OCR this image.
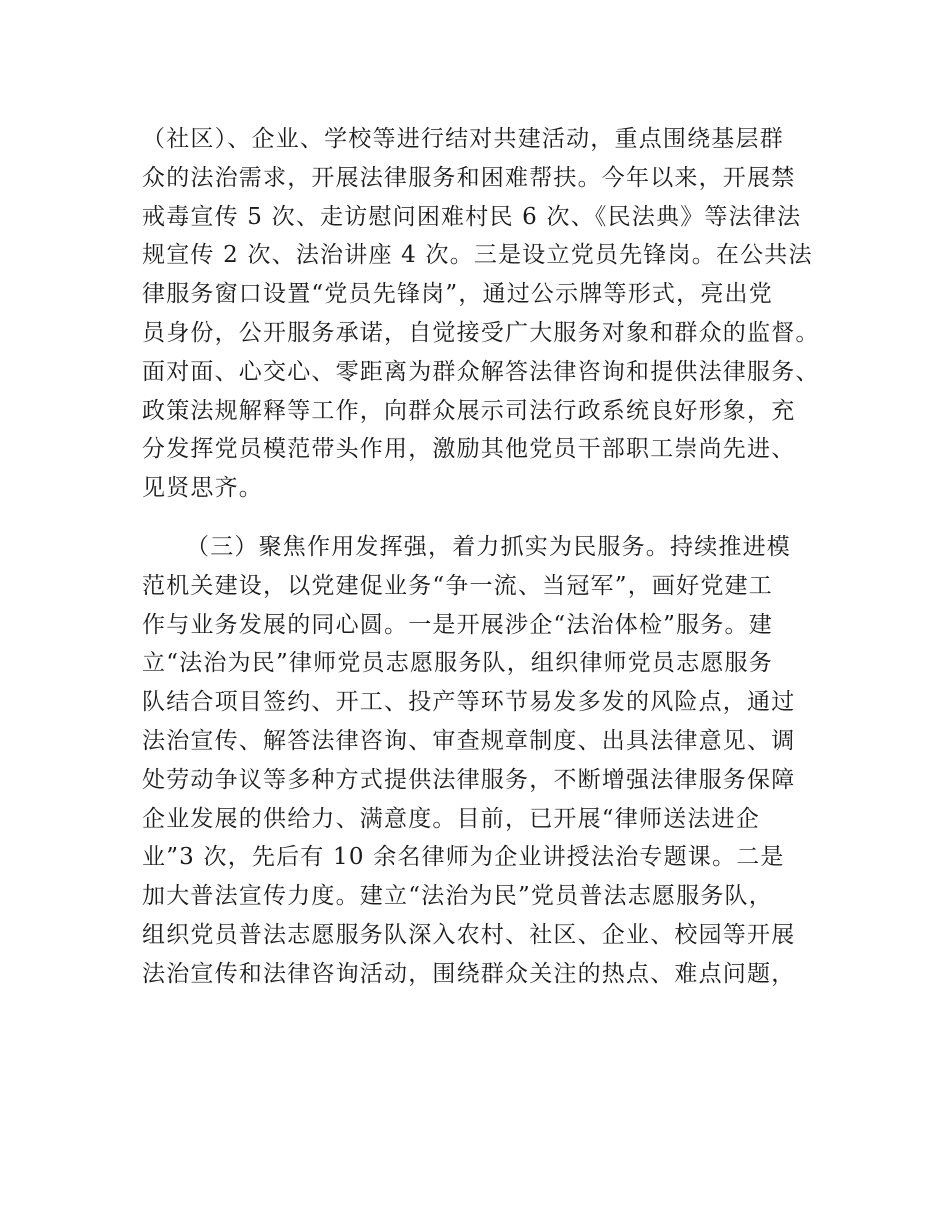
（社区）、企业、学校等进行结对共建活动，重点围绕基层群
众的法治需求，开展法律服务和困难帮扶。今年以来，开展禁
戒毒宣传 5 次、走访慰问困难村民 6 次、《民法典》等法律法
规宣传 2 次、法治讲座 4 次。三是设立党员先锋岗。在公共法
律服务窗口设置“党员先锋岗”，通过公示牌等形式，亮出党
员身份，公开服务承诺，自觉接受广大服务对象和群众的监督。
面对面、心交心、零距离为群众解答法律咨询和提供法律服务、
政策法规解释等工作，向群众展示司法行政系统良好形象，充
分发挥党员模范带头作用，激励其他党员干部职工崇尚先进、
见贤思齐。
（三）聚焦作用发挥强，着力抓实为民服务。持续推进模
范机关建设，以党建促业务“争一流、当冠军”，画好党建工
作与业务发展的同心圆。一是开展涉企“法治体检”服务。建
立“法治为民”律师党员志愿服务队，组织律师党员志愿服务
队结合项目签约、开工、投产等环节易发多发的风险点，通过
法治宣传、解答法律咨询、审查规章制度、出具法律意见、调
处劳动争议等多种方式提供法律服务，不断增强法律服务保障
企业发展的供给力、满意度。目前，已开展“律师送法进企
业”3 次，先后有 10 余名律师为企业讲授法治专题课。二是
加大普法宣传力度。建立“法治为民”党员普法志愿服务队，
组织党员普法志愿服务队深入农村、社区、企业、校园等开展
法治宣传和法律咨询活动，围绕群众关注的热点、难点问题，
